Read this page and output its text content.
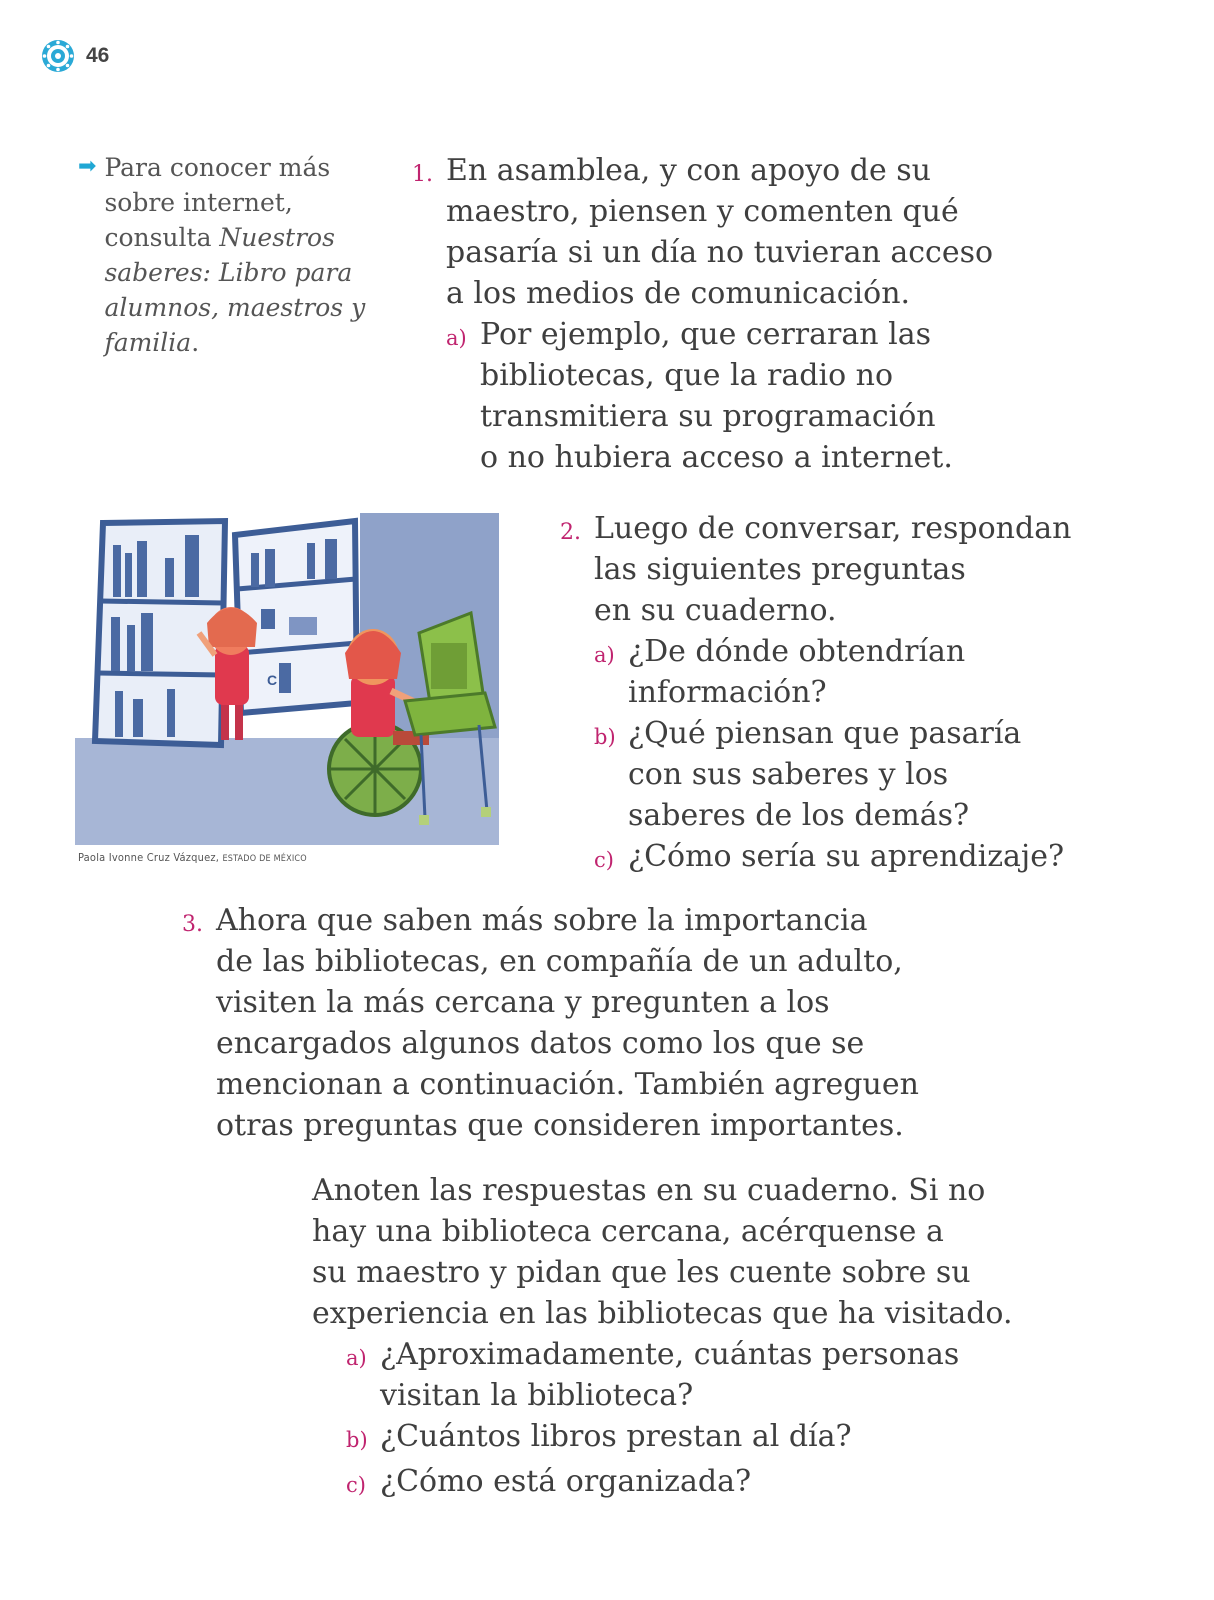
46
➡ Para conocer más sobre internet, consulta Nuestros saberes: Libro para alumnos, maestros y familia.
1. En asamblea, y con apoyo de su
maestro, piensen y comenten qué
pasaría si un día no tuvieran acceso
a los medios de comunicación.
a) Por ejemplo, que cerraran las
bibliotecas, que la radio no
transmitiera su programación
o no hubiera acceso a internet.
C
Paola Ivonne Cruz Vázquez, ESTADO DE MÉXICO
2. Luego de conversar, respondan
las siguientes preguntas
en su cuaderno.
a) ¿De dónde obtendrían
información?
b) ¿Qué piensan que pasaría
con sus saberes y los
saberes de los demás?
c) ¿Cómo sería su aprendizaje?
3. Ahora que saben más sobre la importancia
de las bibliotecas, en compañía de un adulto,
visiten la más cercana y pregunten a los
encargados algunos datos como los que se
mencionan a continuación. También agreguen
otras preguntas que consideren importantes.
Anoten las respuestas en su cuaderno. Si no
hay una biblioteca cercana, acérquense a
su maestro y pidan que les cuente sobre su
experiencia en las bibliotecas que ha visitado.
a) ¿Aproximadamente, cuántas personas
visitan la biblioteca?
b) ¿Cuántos libros prestan al día?
c) ¿Cómo está organizada?
